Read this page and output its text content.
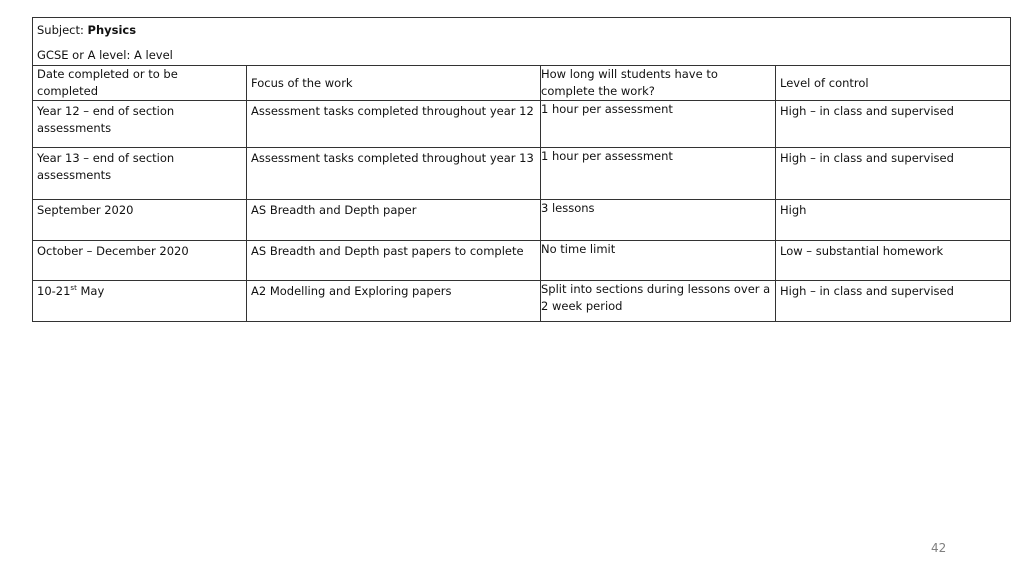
Subject: Physics
GCSE or A level: A level			

Date completed or to be completed	Focus of the work	How long will students have to complete the work?	Level of control
Year 12 – end of section assessments	Assessment tasks completed throughout year 12	1 hour per assessment	High – in class and supervised
Year 13 – end of section assessments	Assessment tasks completed throughout year 13	1 hour per assessment	High – in class and supervised
September 2020	AS Breadth and Depth paper	3 lessons	High
October – December 2020	AS Breadth and Depth past papers to complete	No time limit	Low – substantial homework
10-21st May	A2 Modelling and Exploring papers	Split into sections during lessons over a 2 week period	High – in class and supervised
42
